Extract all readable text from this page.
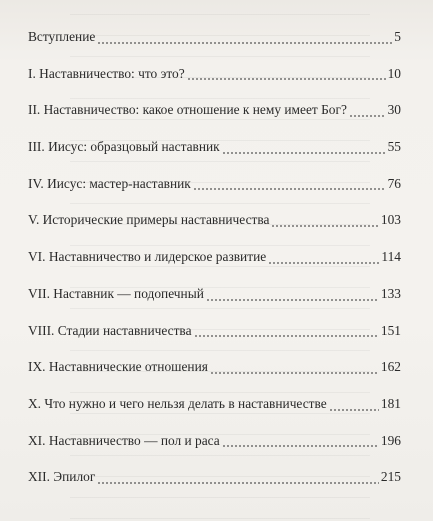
Вступление	5
I. Наставничество: что это?	10
II. Наставничество: какое отношение к нему имеет Бог?	30
III. Иисус: образцовый наставник	55
IV. Иисус: мастер-наставник	76
V. Исторические примеры наставничества	103
VI. Наставничество и лидерское развитие	114
VII. Наставник — подопечный	133
VIII. Стадии наставничества	151
IX. Наставнические отношения	162
X. Что нужно и чего нельзя делать в наставничестве	181
XI. Наставничество — пол и раса	196
XII. Эпилог	215
